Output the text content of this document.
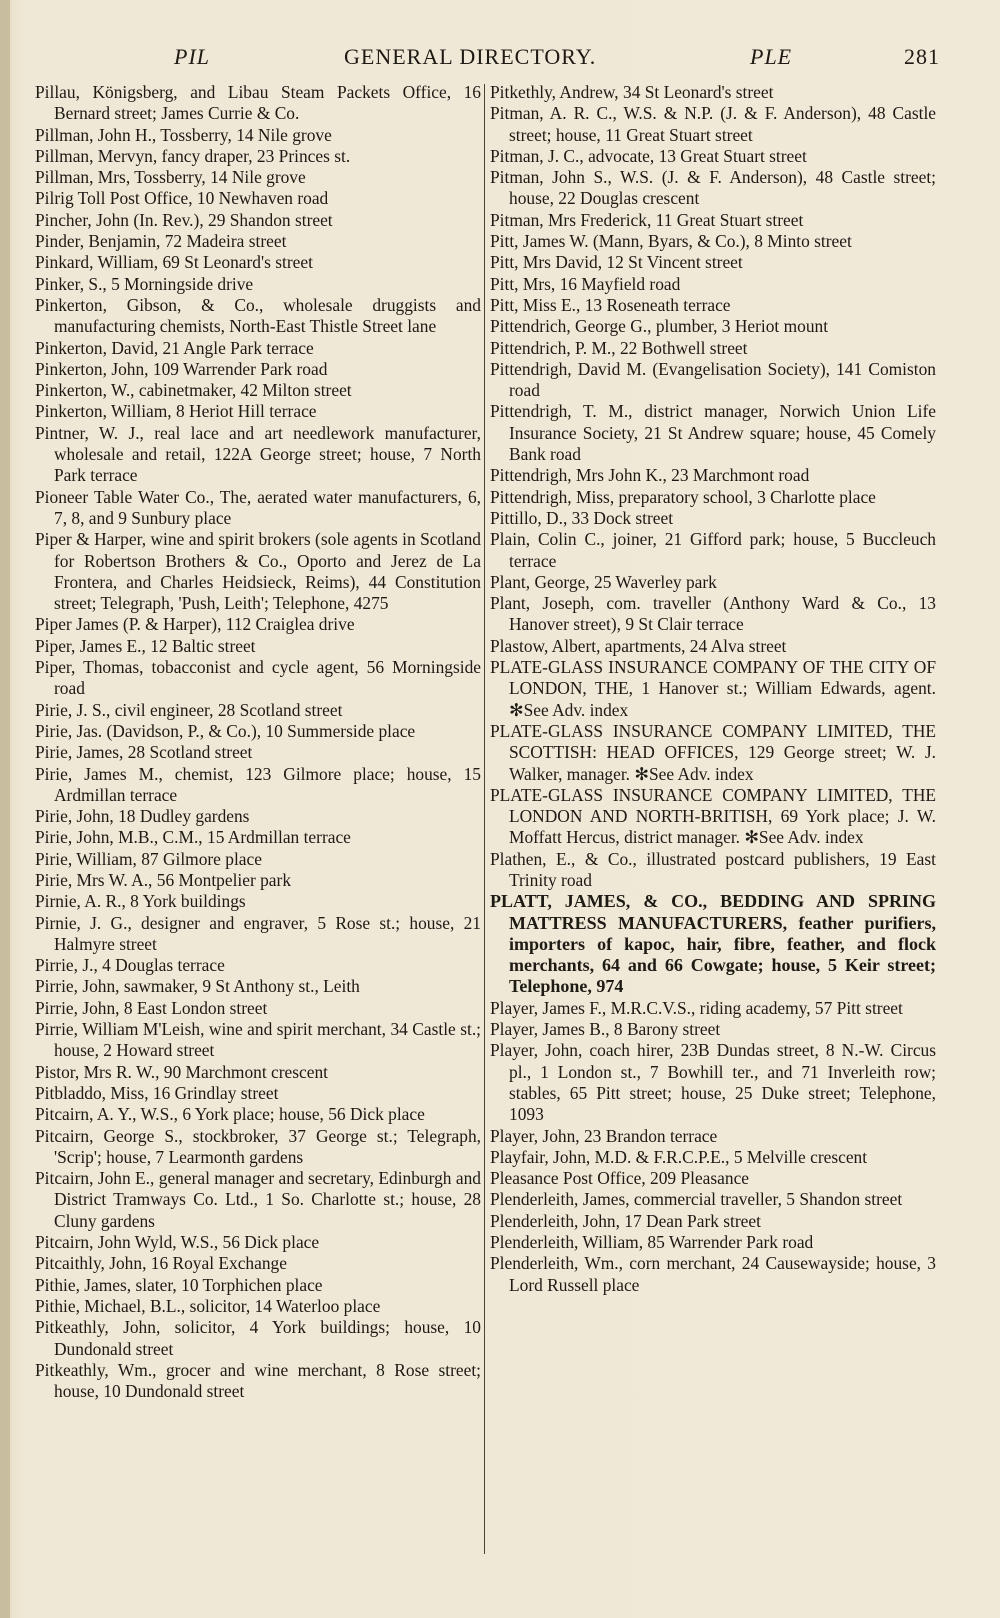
PIL	GENERAL DIRECTORY.	PLE	281
Pillau, Königsberg, and Libau Steam Packets Office, 16 Bernard street; James Currie & Co.
Pillman, John H., Tossberry, 14 Nile grove
Pillman, Mervyn, fancy draper, 23 Princes st.
Pillman, Mrs, Tossberry, 14 Nile grove
Pilrig Toll Post Office, 10 Newhaven road
Pincher, John (In. Rev.), 29 Shandon street
Pinder, Benjamin, 72 Madeira street
Pinkard, William, 69 St Leonard's street
Pinker, S., 5 Morningside drive
Pinkerton, Gibson, & Co., wholesale druggists and manufacturing chemists, North-East Thistle Street lane
Pinkerton, David, 21 Angle Park terrace
Pinkerton, John, 109 Warrender Park road
Pinkerton, W., cabinetmaker, 42 Milton street
Pinkerton, William, 8 Heriot Hill terrace
Pintner, W. J., real lace and art needlework manufacturer, wholesale and retail, 122A George street; house, 7 North Park terrace
Pioneer Table Water Co., The, aerated water manufacturers, 6, 7, 8, and 9 Sunbury place
Piper & Harper, wine and spirit brokers (sole agents in Scotland for Robertson Brothers & Co., Oporto and Jerez de La Frontera, and Charles Heidsieck, Reims), 44 Constitution street; Telegraph, 'Push, Leith'; Telephone, 4275
Piper James (P. & Harper), 112 Craiglea drive
Piper, James E., 12 Baltic street
Piper, Thomas, tobacconist and cycle agent, 56 Morningside road
Pirie, J. S., civil engineer, 28 Scotland street
Pirie, Jas. (Davidson, P., & Co.), 10 Summerside place
Pirie, James, 28 Scotland street
Pirie, James M., chemist, 123 Gilmore place; house, 15 Ardmillan terrace
Pirie, John, 18 Dudley gardens
Pirie, John, M.B., C.M., 15 Ardmillan terrace
Pirie, William, 87 Gilmore place
Pirie, Mrs W. A., 56 Montpelier park
Pirnie, A. R., 8 York buildings
Pirnie, J. G., designer and engraver, 5 Rose st.; house, 21 Halmyre street
Pirrie, J., 4 Douglas terrace
Pirrie, John, sawmaker, 9 St Anthony st., Leith
Pirrie, John, 8 East London street
Pirrie, William M'Leish, wine and spirit merchant, 34 Castle st.; house, 2 Howard street
Pistor, Mrs R. W., 90 Marchmont crescent
Pitbladdo, Miss, 16 Grindlay street
Pitcairn, A. Y., W.S., 6 York place; house, 56 Dick place
Pitcairn, George S., stockbroker, 37 George st.; Telegraph, 'Scrip'; house, 7 Learmonth gardens
Pitcairn, John E., general manager and secretary, Edinburgh and District Tramways Co. Ltd., 1 So. Charlotte st.; house, 28 Cluny gardens
Pitcairn, John Wyld, W.S., 56 Dick place
Pitcaithly, John, 16 Royal Exchange
Pithie, James, slater, 10 Torphichen place
Pithie, Michael, B.L., solicitor, 14 Waterloo place
Pitkeathly, John, solicitor, 4 York buildings; house, 10 Dundonald street
Pitkeathly, Wm., grocer and wine merchant, 8 Rose street; house, 10 Dundonald street
Pitkethly, Andrew, 34 St Leonard's street
Pitman, A. R. C., W.S. & N.P. (J. & F. Anderson), 48 Castle street; house, 11 Great Stuart street
Pitman, J. C., advocate, 13 Great Stuart street
Pitman, John S., W.S. (J. & F. Anderson), 48 Castle street; house, 22 Douglas crescent
Pitman, Mrs Frederick, 11 Great Stuart street
Pitt, James W. (Mann, Byars, & Co.), 8 Minto street
Pitt, Mrs David, 12 St Vincent street
Pitt, Mrs, 16 Mayfield road
Pitt, Miss E., 13 Roseneath terrace
Pittendrich, George G., plumber, 3 Heriot mount
Pittendrich, P. M., 22 Bothwell street
Pittendrigh, David M. (Evangelisation Society), 141 Comiston road
Pittendrigh, T. M., district manager, Norwich Union Life Insurance Society, 21 St Andrew square; house, 45 Comely Bank road
Pittendrigh, Mrs John K., 23 Marchmont road
Pittendrigh, Miss, preparatory school, 3 Charlotte place
Pittillo, D., 33 Dock street
Plain, Colin C., joiner, 21 Gifford park; house, 5 Buccleuch terrace
Plant, George, 25 Waverley park
Plant, Joseph, com. traveller (Anthony Ward & Co., 13 Hanover street), 9 St Clair terrace
Plastow, Albert, apartments, 24 Alva street
PLATE-GLASS INSURANCE COMPANY OF THE CITY OF LONDON, THE, 1 Hanover st.; William Edwards, agent. ✻See Adv. index
PLATE-GLASS INSURANCE COMPANY LIMITED, THE SCOTTISH: HEAD OFFICES, 129 George street; W. J. Walker, manager. ✻See Adv. index
PLATE-GLASS INSURANCE COMPANY LIMITED, THE LONDON AND NORTH-BRITISH, 69 York place; J. W. Moffatt Hercus, district manager. ✻See Adv. index
Plathen, E., & Co., illustrated postcard publishers, 19 East Trinity road
PLATT, JAMES, & CO., BEDDING AND SPRING MATTRESS MANUFACTURERS, feather purifiers, importers of kapoc, hair, fibre, feather, and flock merchants, 64 and 66 Cowgate; house, 5 Keir street; Telephone, 974
Player, James F., M.R.C.V.S., riding academy, 57 Pitt street
Player, James B., 8 Barony street
Player, John, coach hirer, 23B Dundas street, 8 N.-W. Circus pl., 1 London st., 7 Bowhill ter., and 71 Inverleith row; stables, 65 Pitt street; house, 25 Duke street; Telephone, 1093
Player, John, 23 Brandon terrace
Playfair, John, M.D. & F.R.C.P.E., 5 Melville crescent
Pleasance Post Office, 209 Pleasance
Plenderleith, James, commercial traveller, 5 Shandon street
Plenderleith, John, 17 Dean Park street
Plenderleith, William, 85 Warrender Park road
Plenderleith, Wm., corn merchant, 24 Causewayside; house, 3 Lord Russell place
